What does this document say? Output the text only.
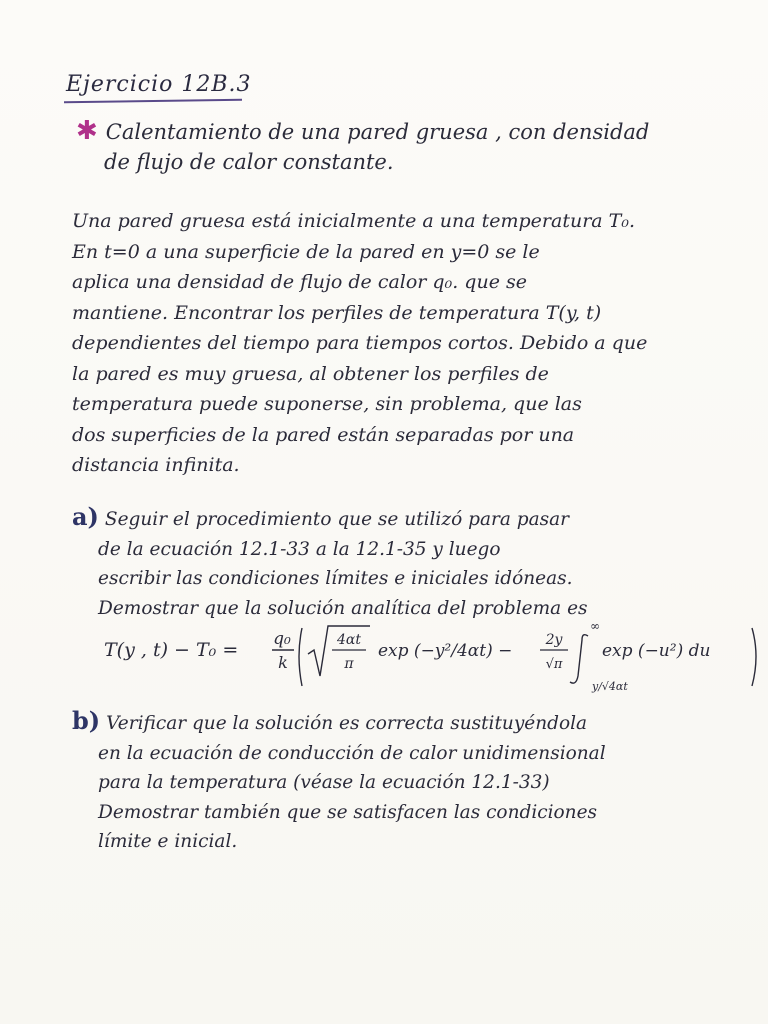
Ejercicio 12B.3
✱ Calentamiento de una pared gruesa , con densidad
de flujo de calor constante.
Una pared gruesa está inicialmente a una temperatura T₀.
En t=0 a una superficie de la pared en y=0 se le
aplica una densidad de flujo de calor q₀. que se
mantiene. Encontrar los perfiles de temperatura T(y, t)
dependientes del tiempo para tiempos cortos. Debido a que
la pared es muy gruesa, al obtener los perfiles de
temperatura puede suponerse, sin problema, que las
dos superficies de la pared están separadas por una
distancia infinita.
a) Seguir el procedimiento que se utilizó para pasar
de la ecuación 12.1-33 a la 12.1-35 y luego
escribir las condiciones límites e iniciales idóneas.
Demostrar que la solución analítica del problema es
T(y , t) − T₀ = q₀
k
4αt
π
exp (−y²/4αt) −
2y
√π
∞
exp (−u²) du
y/√4αt
b) Verificar que la solución es correcta sustituyéndola
en la ecuación de conducción de calor unidimensional
para la temperatura (véase la ecuación 12.1-33)
Demostrar también que se satisfacen las condiciones
límite e inicial.
